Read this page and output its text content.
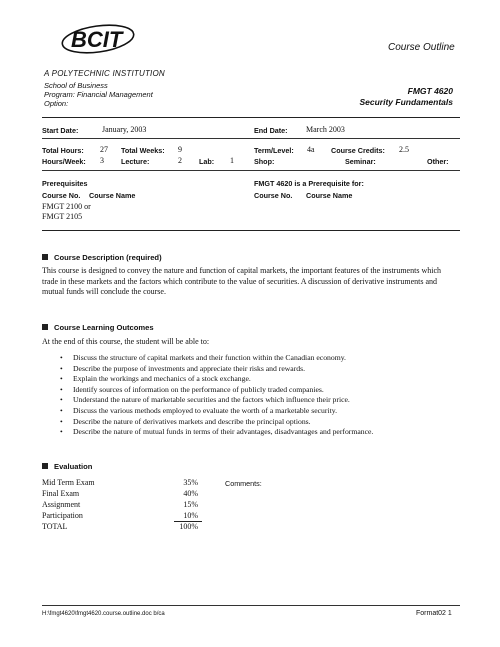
BCIT	Course Outline
A POLYTECHNIC INSTITUTION
School of Business
Program: Financial Management
Option:
FMGT 4620
Security Fundamentals
Start Date:	January, 2003	End Date: March 2003
Total Hours: 27 Total Weeks: 9	Term/Level: 4a Course Credits: 2.5
Hours/Week: 3 Lecture:	2 Lab: 1	Shop:	Seminar:	Other:
Prerequisites
Course No. Course Name
FMGT 2100 or
FMGT 2105
FMGT 4620 is a Prerequisite for:
Course No. Course Name
Course Description (required)
This course is designed to convey the nature and function of capital markets, the important features of the instruments which trade in these markets and the factors which contribute to the value of securities. A discussion of derivative instruments and mutual funds will conclude the course.
Course Learning Outcomes
At the end of this course, the student will be able to:
• Discuss the structure of capital markets and their function within the Canadian economy.
• Describe the purpose of investments and appreciate their risks and rewards.
• Explain the workings and mechanics of a stock exchange.
• Identify sources of information on the performance of publicly traded companies.
• Understand the nature of marketable securities and the factors which influence their price.
• Discuss the various methods employed to evaluate the worth of a marketable security.
• Describe the nature of derivatives markets and describe the principal options.
• Describe the nature of mutual funds in terms of their advantages, disadvantages and performance.
Evaluation
Mid Term Exam	35%
Final Exam	40%
Assignment	15%
Participation	10%
TOTAL	100%
Comments:
H:\fmgt4620\fmgt4620.course.outline.doc b/ca	Format02 1
